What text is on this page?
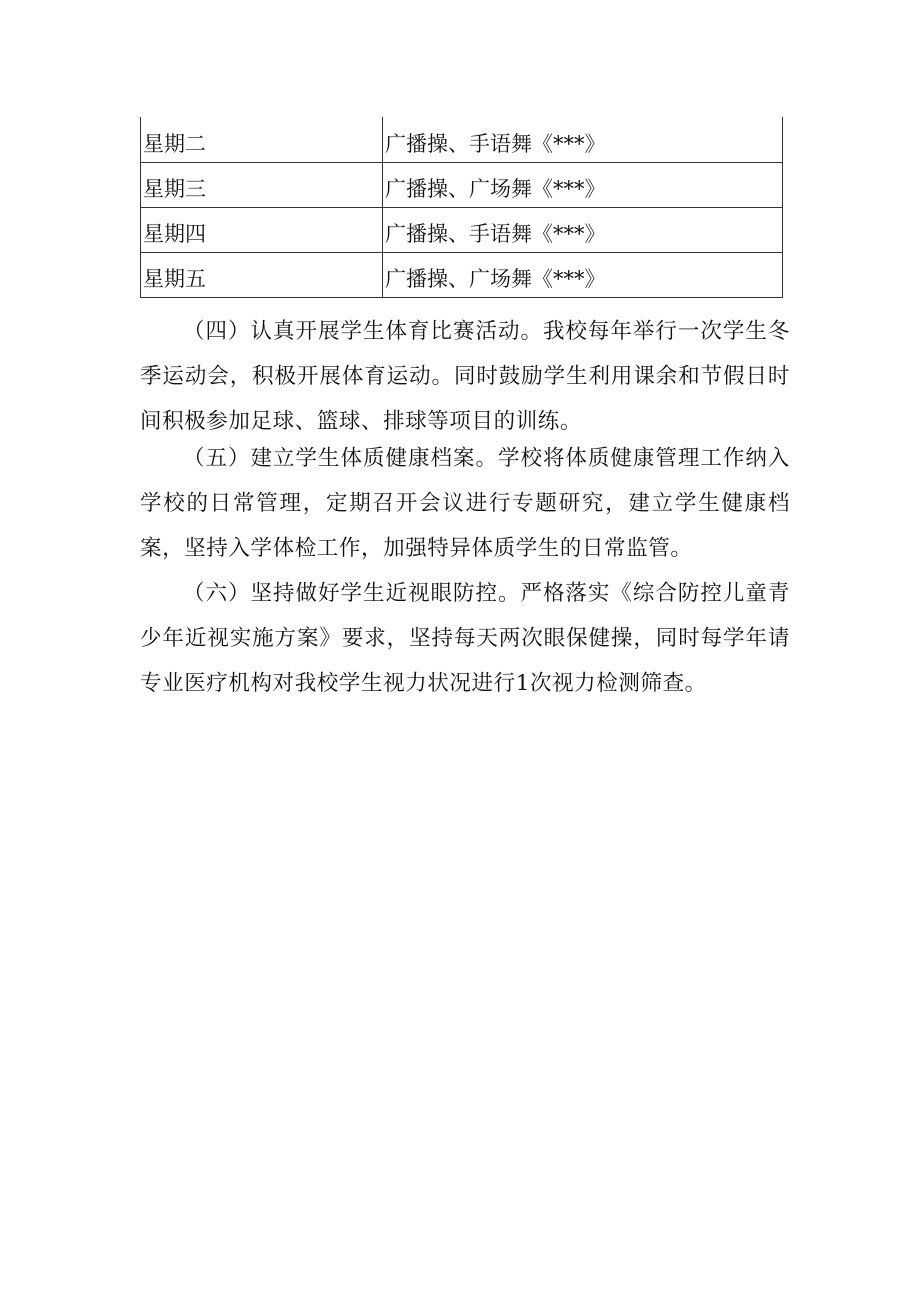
星期二	广播操、手语舞《***》
星期三	广播操、广场舞《***》
星期四	广播操、手语舞《***》
星期五	广播操、广场舞《***》

（四）认真开展学生体育比赛活动。我校每年举行一次学生冬季运动会，积极开展体育运动。同时鼓励学生利用课余和节假日时间积极参加足球、篮球、排球等项目的训练。

（五）建立学生体质健康档案。学校将体质健康管理工作纳入学校的日常管理，定期召开会议进行专题研究，建立学生健康档案，坚持入学体检工作，加强特异体质学生的日常监管。

（六）坚持做好学生近视眼防控。严格落实《综合防控儿童青少年近视实施方案》要求，坚持每天两次眼保健操，同时每学年请专业医疗机构对我校学生视力状况进行1次视力检测筛查。
